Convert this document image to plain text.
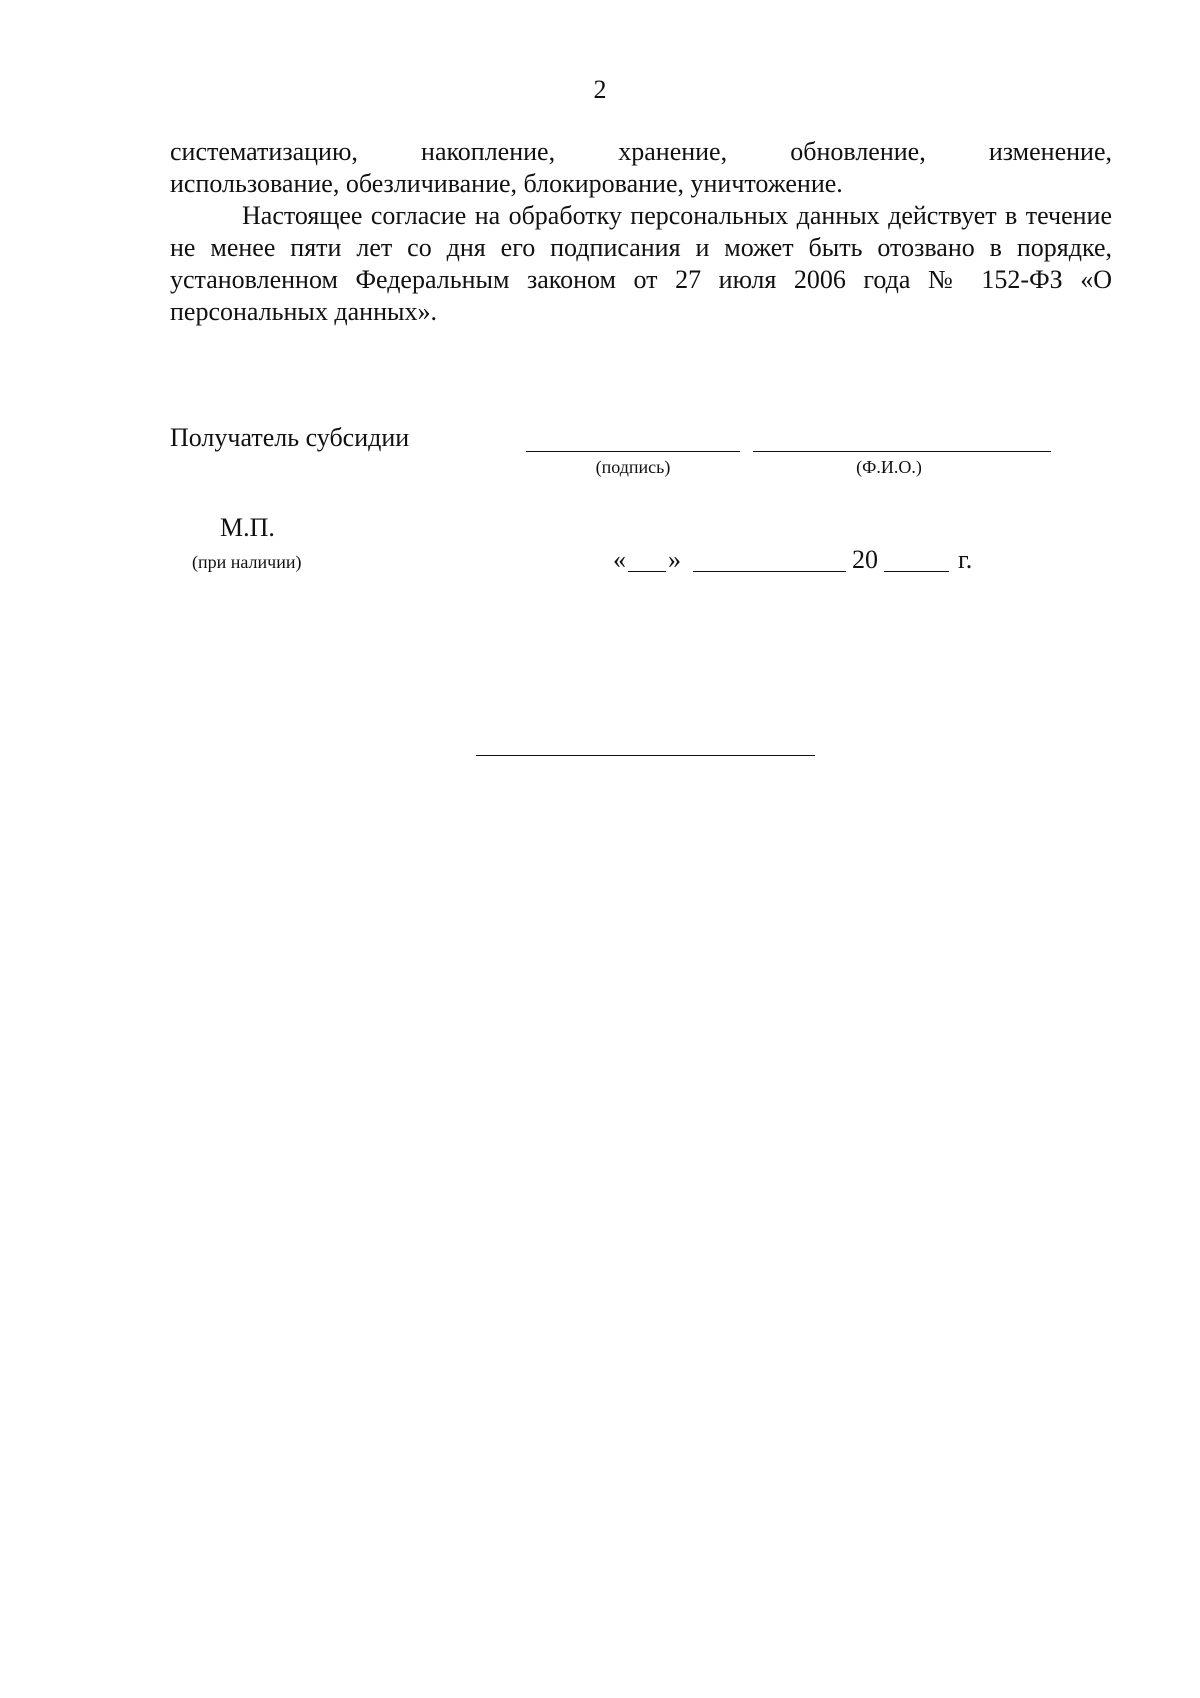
2

систематизацию, накопление, хранение, обновление, изменение,
использование, обезличивание, блокирование, уничтожение.

Настоящее согласие на обработку персональных данных действует в течение не менее пяти лет со дня его подписания и может быть отозвано в порядке, установленном Федеральным законом от 27 июля 2006 года № 152-ФЗ «О персональных данных».

Получатель субсидии
(подпись)	(Ф.И.О.)
М.П.
(при наличии)	« »	20	г.
